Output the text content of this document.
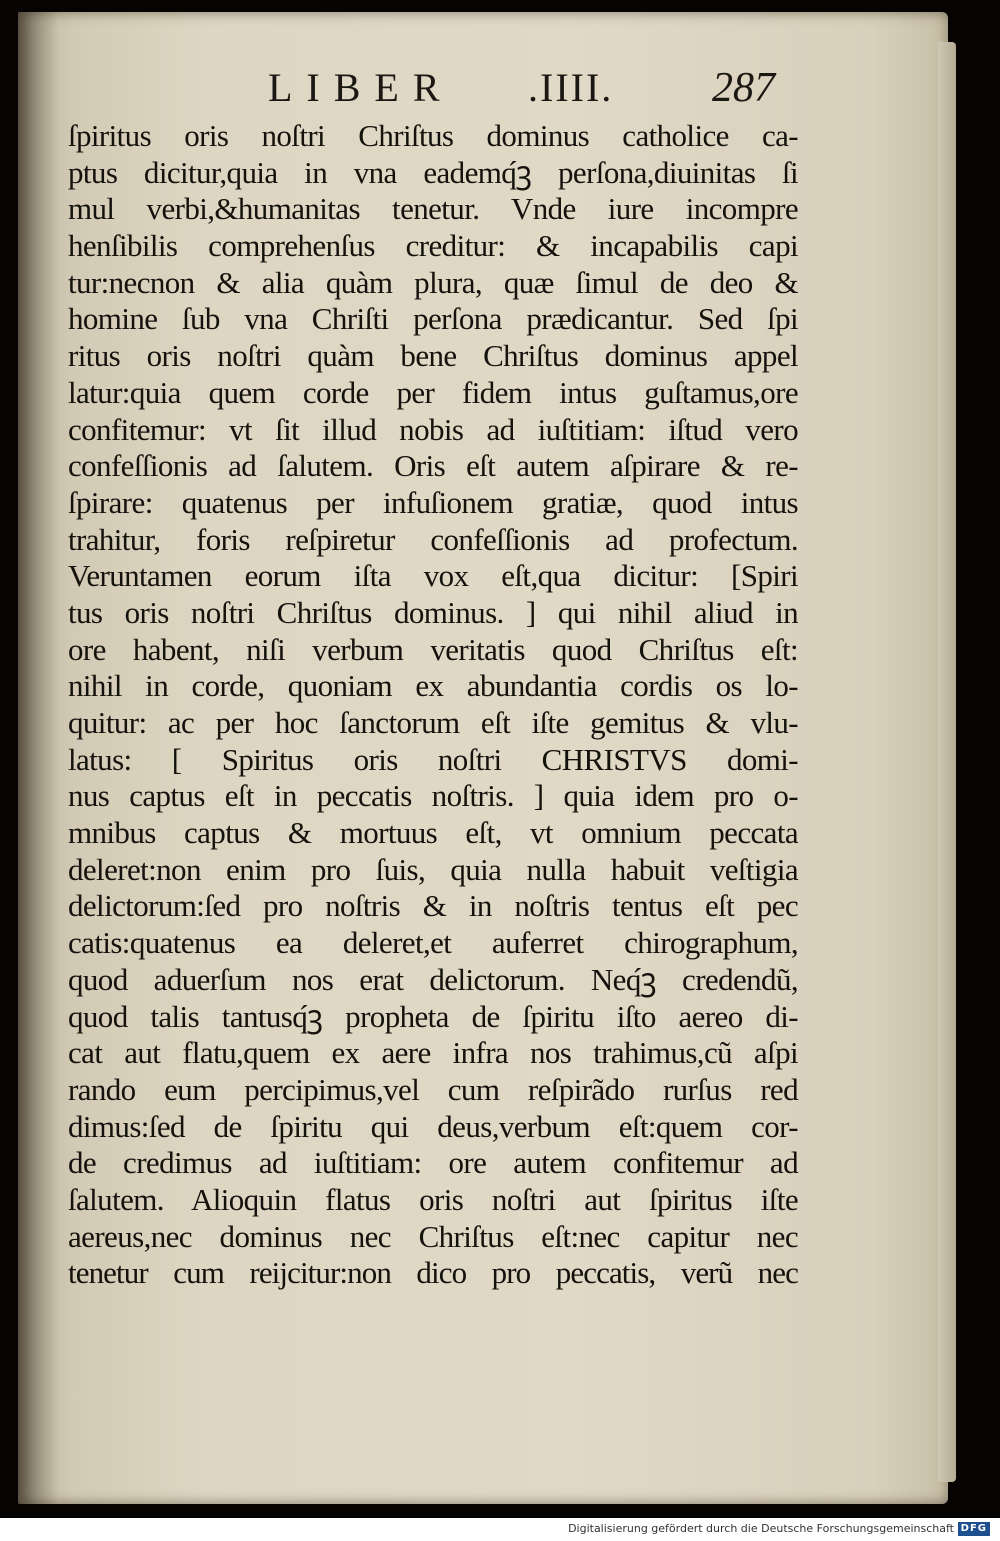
LIBER .IIII. 287
ſpiritus oris noſtri Chriſtus dominus catholice ca-
ptus dicitur,quia in vna eademq́ꝫ perſona,diuinitas ſi
mul verbi,&humanitas tenetur. Vnde iure incompre
henſibilis comprehenſus creditur: & incapabilis capi
tur:necnon & alia quàm plura, quæ ſimul de deo &
homine ſub vna Chriſti perſona prædicantur. Sed ſpi
ritus oris noſtri quàm bene Chriſtus dominus appel
latur:quia quem corde per fidem intus guſtamus,ore
confitemur: vt ſit illud nobis ad iuſtitiam: iſtud vero
confeſſionis ad ſalutem. Oris eſt autem aſpirare & re-
ſpirare: quatenus per infuſionem gratiæ, quod intus
trahitur, foris reſpiretur confeſſionis ad profectum.
Veruntamen eorum iſta vox eſt,qua dicitur: [Spiri
tus oris noſtri Chriſtus dominus. ] qui nihil aliud in
ore habent, niſi verbum veritatis quod Chriſtus eſt:
nihil in corde, quoniam ex abundantia cordis os lo-
quitur: ac per hoc ſanctorum eſt iſte gemitus & vlu-
latus: [ Spiritus oris noſtri CHRISTVS domi-
nus captus eſt in peccatis noſtris. ] quia idem pro o-
mnibus captus & mortuus eſt, vt omnium peccata
deleret:non enim pro ſuis, quia nulla habuit veſtigia
delictorum:ſed pro noſtris & in noſtris tentus eſt pec
catis:quatenus ea deleret,et auferret chirographum,
quod aduerſum nos erat delictorum. Neq́ꝫ credendũ,
quod talis tantusq́ꝫ propheta de ſpiritu iſto aereo di-
cat aut flatu,quem ex aere infra nos trahimus,cũ aſpi
rando eum percipimus,vel cum reſpirãdo rurſus red
dimus:ſed de ſpiritu qui deus,verbum eſt:quem cor-
de credimus ad iuſtitiam: ore autem confitemur ad
ſalutem. Alioquin flatus oris noſtri aut ſpiritus iſte
aereus,nec dominus nec Chriſtus eſt:nec capitur nec
tenetur cum reijcitur:non dico pro peccatis, verũ nec
Digitalisierung gefördert durch die Deutsche Forschungsgemeinschaft DFG
